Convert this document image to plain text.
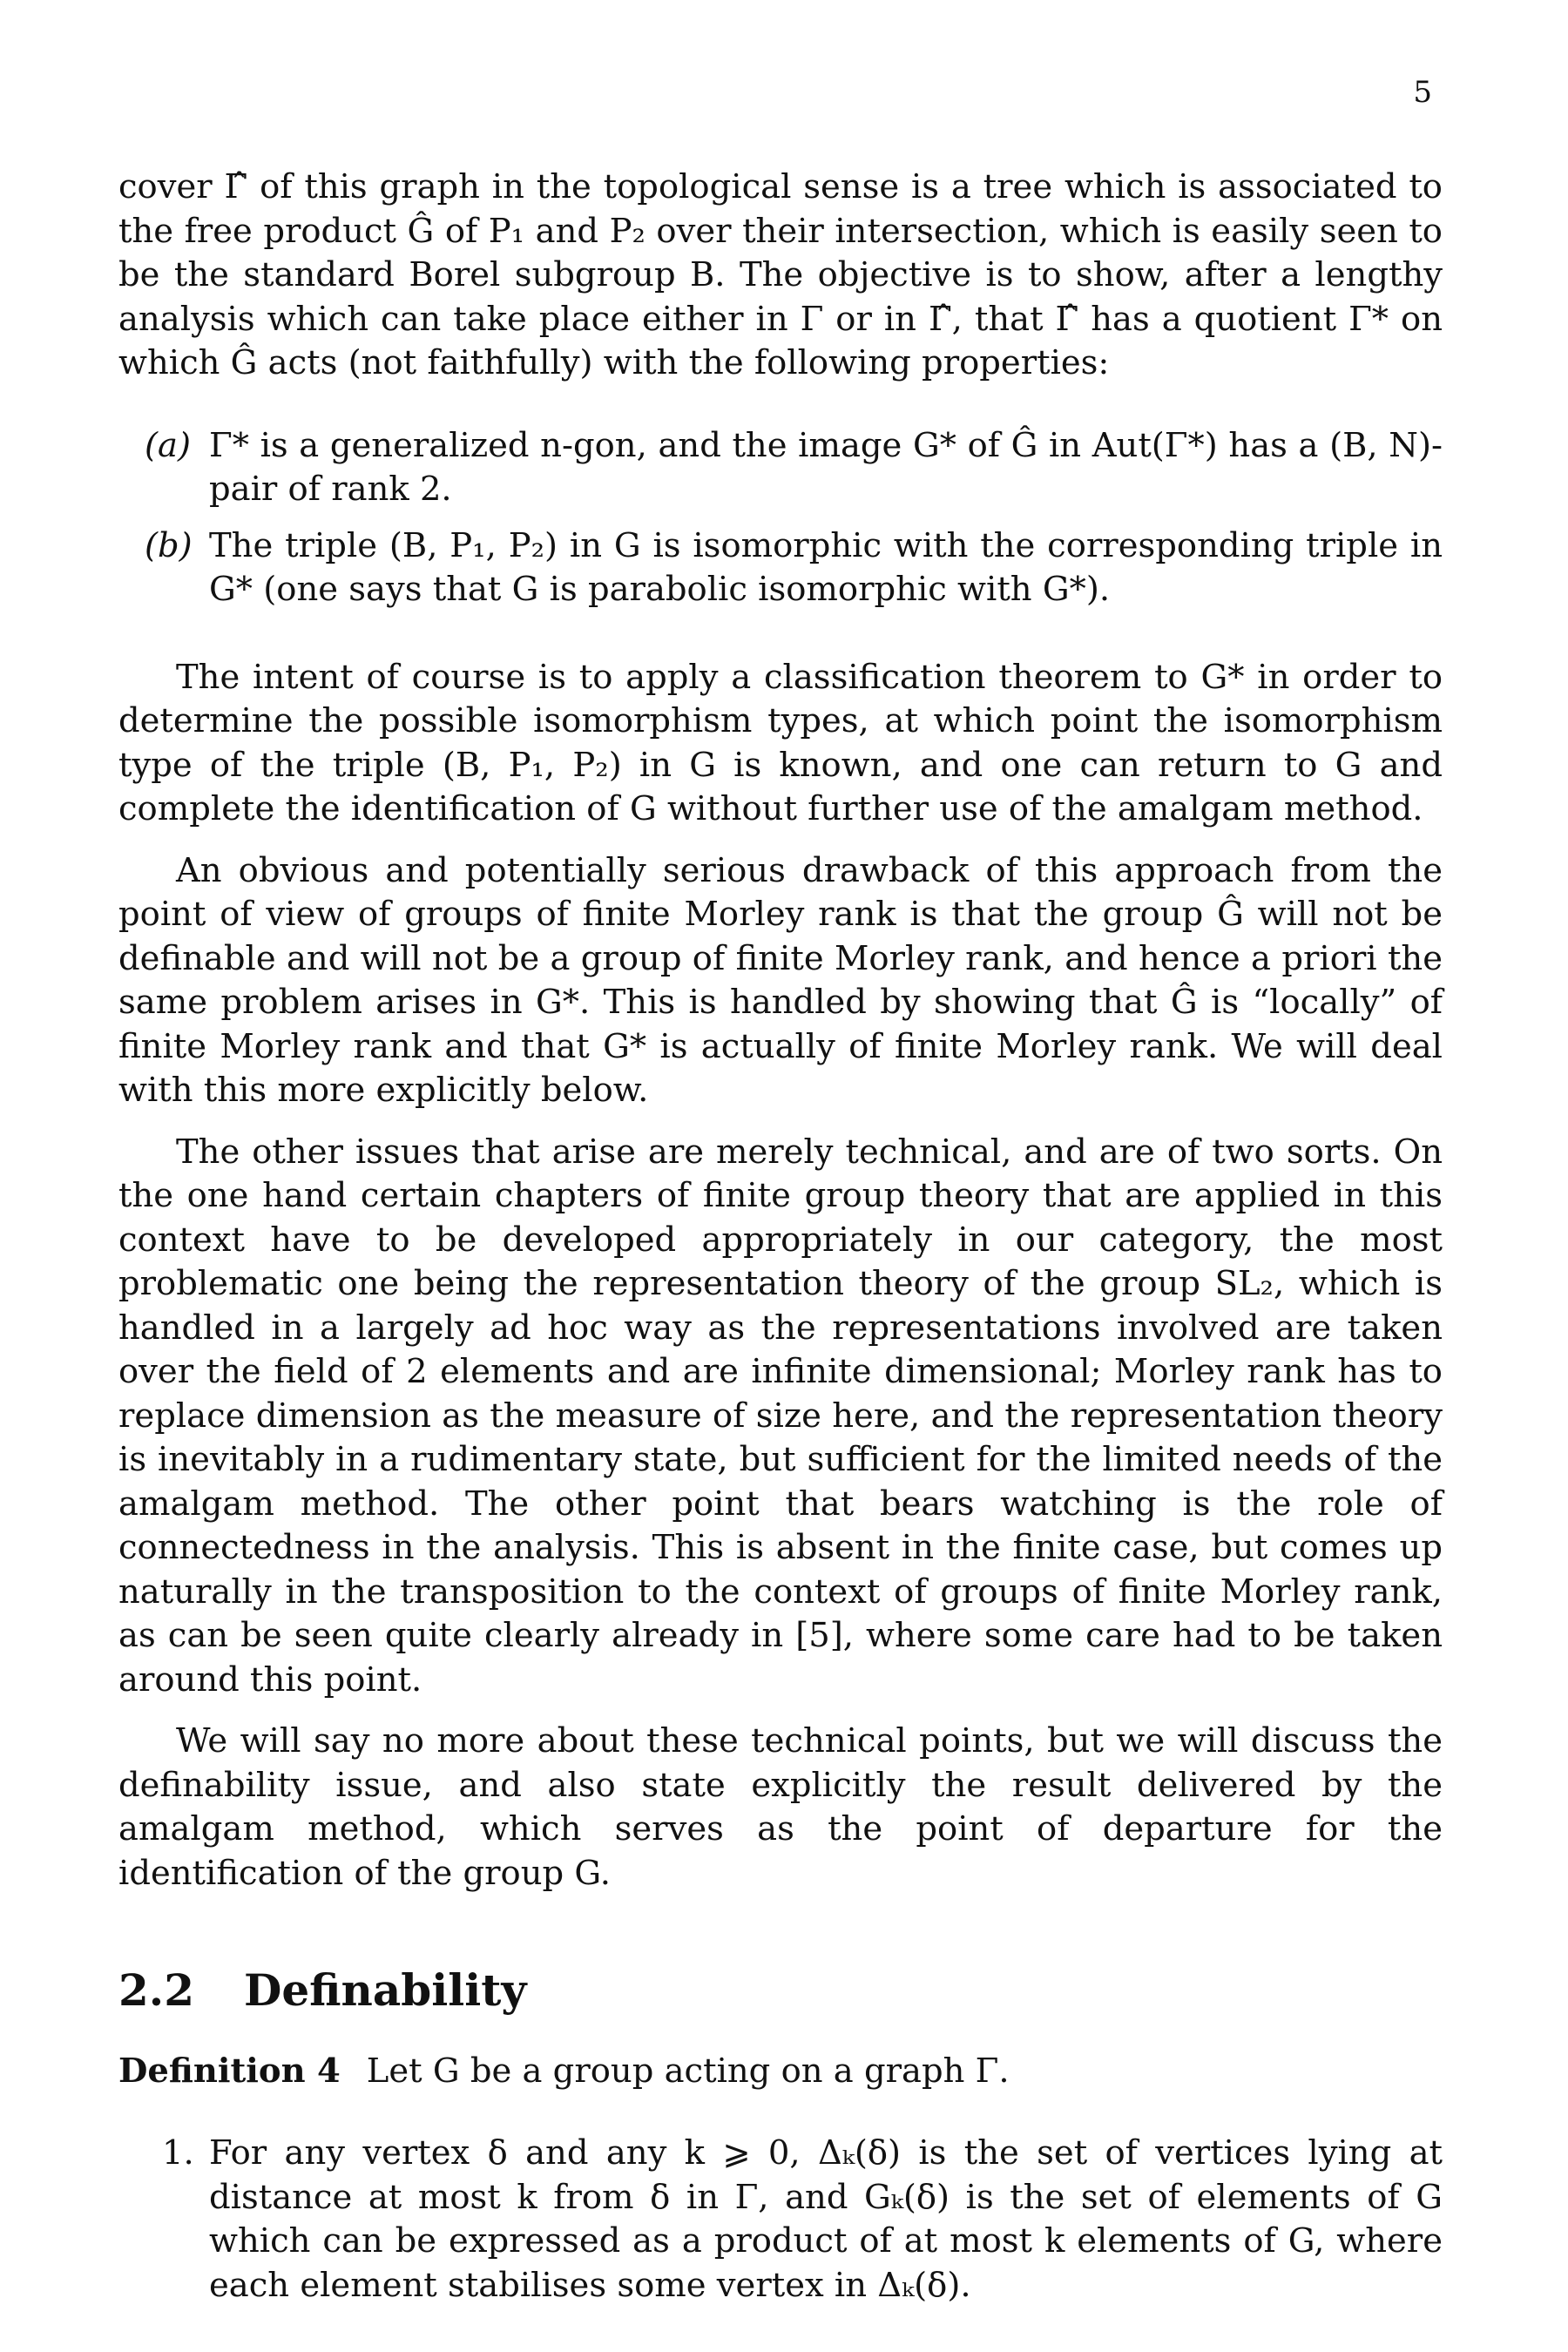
5

cover Γ̂ of this graph in the topological sense is a tree which is associated to the free product Ĝ of P₁ and P₂ over their intersection, which is easily seen to be the standard Borel subgroup B. The objective is to show, after a lengthy analysis which can take place either in Γ or in Γ̂, that Γ̂ has a quotient Γ* on which Ĝ acts (not faithfully) with the following properties:

(a) Γ* is a generalized n-gon, and the image G* of Ĝ in Aut(Γ*) has a (B, N)-pair of rank 2.
(b) The triple (B, P₁, P₂) in G is isomorphic with the corresponding triple in G* (one says that G is parabolic isomorphic with G*).

The intent of course is to apply a classification theorem to G* in order to determine the possible isomorphism types, at which point the isomorphism type of the triple (B, P₁, P₂) in G is known, and one can return to G and complete the identification of G without further use of the amalgam method.

An obvious and potentially serious drawback of this approach from the point of view of groups of finite Morley rank is that the group Ĝ will not be definable and will not be a group of finite Morley rank, and hence a priori the same problem arises in G*. This is handled by showing that Ĝ is “locally” of finite Morley rank and that G* is actually of finite Morley rank. We will deal with this more explicitly below.

The other issues that arise are merely technical, and are of two sorts. On the one hand certain chapters of finite group theory that are applied in this context have to be developed appropriately in our category, the most problematic one being the representation theory of the group SL₂, which is handled in a largely ad hoc way as the representations involved are taken over the field of 2 elements and are infinite dimensional; Morley rank has to replace dimension as the measure of size here, and the representation theory is inevitably in a rudimentary state, but sufficient for the limited needs of the amalgam method. The other point that bears watching is the role of connectedness in the analysis. This is absent in the finite case, but comes up naturally in the transposition to the context of groups of finite Morley rank, as can be seen quite clearly already in [5], where some care had to be taken around this point.

We will say no more about these technical points, but we will discuss the definability issue, and also state explicitly the result delivered by the amalgam method, which serves as the point of departure for the identification of the group G.

2.2 Definability

Definition 4 Let G be a group acting on a graph Γ.

1. For any vertex δ and any k ⩾ 0, Δₖ(δ) is the set of vertices lying at distance at most k from δ in Γ, and Gₖ(δ) is the set of elements of G which can be expressed as a product of at most k elements of G, where each element stabilises some vertex in Δₖ(δ).
